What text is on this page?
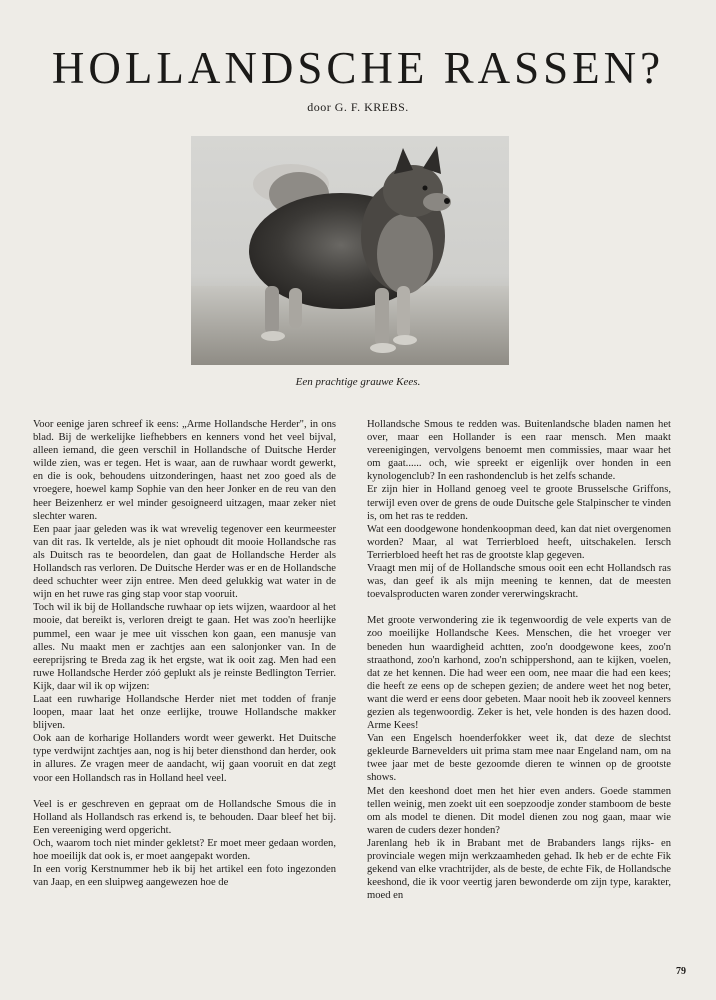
HOLLANDSCHE RASSEN?
door G. F. KREBS.
Een prachtige grauwe Kees.

Voor eenige jaren schreef ik eens: „Arme Hollandsche Herder", in ons blad. Bij de werkelijke liefhebbers en kenners vond het veel bijval, alleen iemand, die geen verschil in Hollandsche of Duitsche Herder wilde zien, was er tegen. Het is waar, aan de ruwhaar wordt gewerkt, en die is ook, behoudens uitzonderingen, haast net zoo goed als de vroegere, hoewel kamp Sophie van den heer Jonker en de reu van den heer Beizenherz er wel minder gesoigneerd uitzagen, maar zeker niet slechter waren.

Een paar jaar geleden was ik wat wrevelig tegenover een keurmeester van dit ras. Ik vertelde, als je niet ophoudt dit mooie Hollandsche ras als Duitsch ras te beoordelen, dan gaat de Hollandsche Herder als Hollandsch ras verloren. De Duitsche Herder was er en de Hollandsche deed schuchter weer zijn entree. Men deed gelukkig wat water in de wijn en het ruwe ras ging stap voor stap vooruit.

Toch wil ik bij de Hollandsche ruwhaar op iets wijzen, waardoor al het mooie, dat bereikt is, verloren dreigt te gaan. Het was zoo'n heerlijke pummel, een waar je mee uit visschen kon gaan, een manusje van alles. Nu maakt men er zachtjes aan een salonjonker van. In de eereprijsring te Breda zag ik het ergste, wat ik ooit zag. Men had een ruwe Hollandsche Herder zóó geplukt als je reinste Bedlington Terrier. Kijk, daar wil ik op wijzen:

Laat een ruwharige Hollandsche Herder niet met todden of franje loopen, maar laat het onze eerlijke, trouwe Hollandsche makker blijven.

Ook aan de korharige Hollanders wordt weer gewerkt. Het Duitsche type verdwijnt zachtjes aan, nog is hij beter diensthond dan herder, ook in allures. Ze vragen meer de aandacht, wij gaan vooruit en dat zegt voor een Hollandsch ras in Holland heel veel.

Veel is er geschreven en gepraat om de Hollandsche Smous die in Holland als Hollandsch ras erkend is, te behouden. Daar bleef het bij. Een vereeniging werd opgericht.

Och, waarom toch niet minder gekletst? Er moet meer gedaan worden, hoe moeilijk dat ook is, er moet aangepakt worden.

In een vorig Kerstnummer heb ik bij het artikel een foto ingezonden van Jaap, en een sluipweg aangewezen hoe de

Hollandsche Smous te redden was. Buitenlandsche bladen namen het over, maar een Hollander is een raar mensch. Men maakt vereenigingen, vervolgens benoemt men commissies, maar waar het om gaat...... och, wie spreekt er eigenlijk over honden in een kynologenclub? In een rashondenclub is het zelfs schande.

Er zijn hier in Holland genoeg veel te groote Brusselsche Griffons, terwijl even over de grens de oude Duitsche gele Stalpinscher te vinden is, om het ras te redden.

Wat een doodgewone hondenkoopman deed, kan dat niet overgenomen worden? Maar, al wat Terrierbloed heeft, uitschakelen. Iersch Terrierbloed heeft het ras de grootste klap gegeven.

Vraagt men mij of de Hollandsche smous ooit een echt Hollandsch ras was, dan geef ik als mijn meening te kennen, dat de meesten toevalsproducten waren zonder vererwingskracht.

Met groote verwondering zie ik tegenwoordig de vele experts van de zoo moeilijke Hollandsche Kees. Menschen, die het vroeger ver beneden hun waardigheid achtten, zoo'n doodgewone kees, zoo'n straathond, zoo'n karhond, zoo'n schippershond, aan te kijken, voelen, dat ze het kennen. Die had weer een oom, nee maar die had een kees; die heeft ze eens op de schepen gezien; de andere weet het nog beter, want die werd er eens door gebeten. Maar nooit heb ik zooveel kenners gezien als tegenwoordig. Zeker is het, vele honden is des hazen dood. Arme Kees!

Van een Engelsch hoenderfokker weet ik, dat deze de slechtst gekleurde Barnevelders uit prima stam mee naar Engeland nam, om na twee jaar met de beste gezoomde dieren te winnen op de grootste shows.

Met den keeshond doet men het hier even anders. Goede stammen tellen weinig, men zoekt uit een soepzoodje zonder stamboom de beste om als model te dienen. Dit model dienen zou nog gaan, maar wie waren de cuders dezer honden?

Jarenlang heb ik in Brabant met de Brabanders langs rijks- en provinciale wegen mijn werkzaamheden gehad. Ik heb er de echte Fik gekend van elke vrachtrijder, als de beste, de echte Fik, de Hollandsche keeshond, die ik voor veertig jaren bewonderde om zijn type, karakter, moed en

79
